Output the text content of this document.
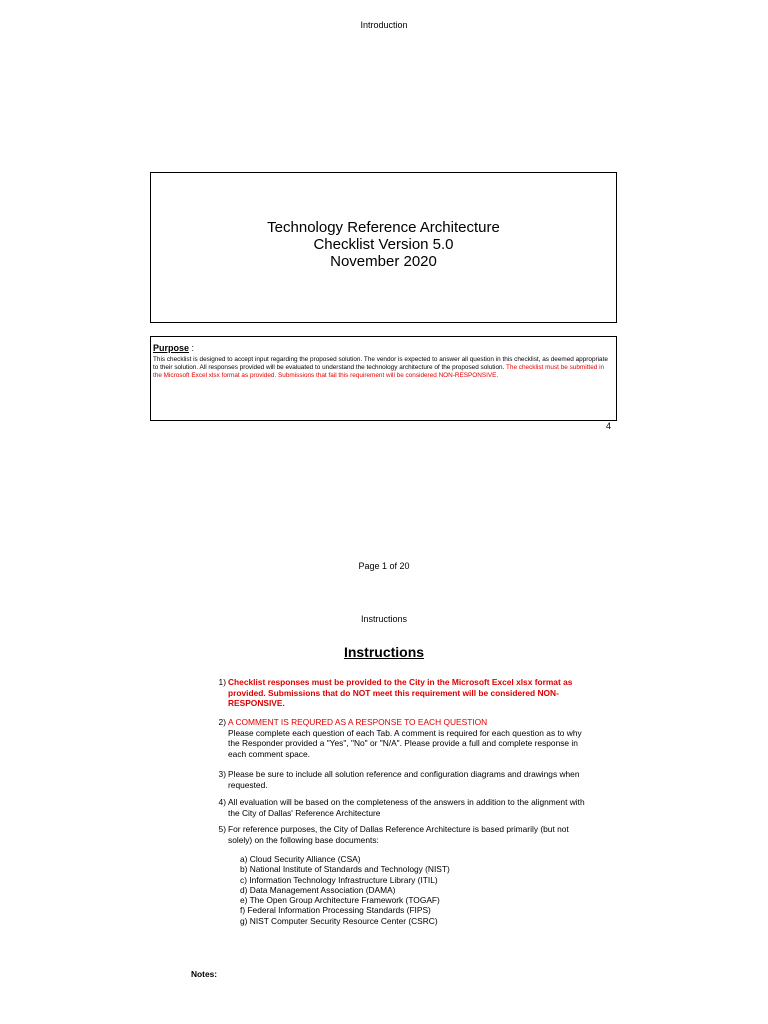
Introduction
Technology Reference Architecture
Checklist Version 5.0
November 2020
Purpose :
This checklist is designed to accept input regarding the proposed solution. The vendor is expected to answer all question in this checklist, as deemed appropriate to their solution. All responses provided will be evaluated to understand the technology architecture of the proposed solution. The checklist must be submitted in the Microsoft Excel xlsx format as provided. Submissions that fail this requirement will be considered NON-RESPONSIVE.
4
Page 1 of 20
Instructions
Instructions
1) Checklist responses must be provided to the City in the Microsoft Excel xlsx format as provided. Submissions that do NOT meet this requirement will be considered NON-RESPONSIVE.
2) A COMMENT IS REQURED AS A RESPONSE TO EACH QUESTION
Please complete each question of each Tab. A comment is required for each question as to why the Responder provided a "Yes", "No" or "N/A". Please provide a full and complete response in each comment space.
3) Please be sure to include all solution reference and configuration diagrams and drawings when requested.
4) All evaluation will be based on the completeness of the answers in addition to the alignment with the City of Dallas' Reference Architecture
5) For reference purposes, the City of Dallas Reference Architecture is based primarily (but not solely) on the following base documents:
a) Cloud Security Alliance (CSA)
b) National Institute of Standards and Technology (NIST)
c) Information Technology Infrastructure Library (ITIL)
d) Data Management Association (DAMA)
e) The Open Group Architecture Framework (TOGAF)
f) Federal Information Processing Standards (FIPS)
g) NIST Computer Security Resource Center (CSRC)
Notes:
